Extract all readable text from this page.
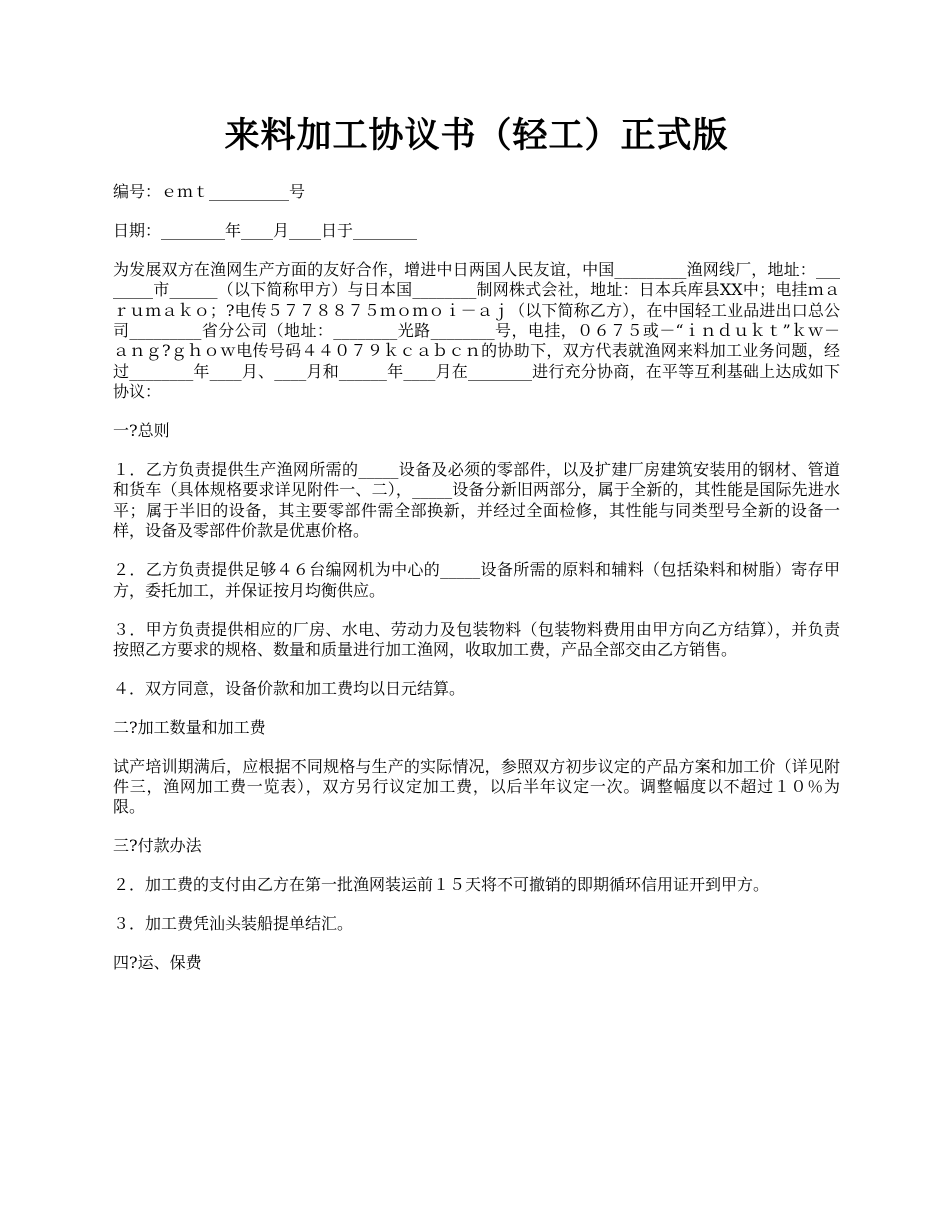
来料加工协议书（轻工）正式版

编号：ｅｍｔ__________号

日期：________年____月____日于________

为发展双方在渔网生产方面的友好合作，增进中日两国人民友谊，中国_________渔网线厂，地址：________市______（以下简称甲方）与日本国________制网株式会社，地址：日本兵库县XX中；电挂ｍａｒｕｍａｋｏ；?电传５７７８８７５ｍｏｍｏｉ－ａｊ（以下简称乙方），在中国轻工业品进出口总公司_________省分公司（地址：________光路________号，电挂，０６７５或－“ｉｎｄｕｋｔ”ｋｗ－ａｎｇ?ｇｈｏｗ电传号码４４０７９ｋｃａｂｃｎ的协助下，双方代表就渔网来料加工业务问题，经过________年____月、____月和______年____月在________进行充分协商，在平等互利基础上达成如下协议：

一?总则

１．乙方负责提供生产渔网所需的_____设备及必须的零部件，以及扩建厂房建筑安装用的钢材、管道和货车（具体规格要求详见附件一、二），_____设备分新旧两部分，属于全新的，其性能是国际先进水平；属于半旧的设备，其主要零部件需全部换新，并经过全面检修，其性能与同类型号全新的设备一样，设备及零部件价款是优惠价格。

２．乙方负责提供足够４６台编网机为中心的_____设备所需的原料和辅料（包括染料和树脂）寄存甲方，委托加工，并保证按月均衡供应。

３．甲方负责提供相应的厂房、水电、劳动力及包装物料（包装物料费用由甲方向乙方结算），并负责按照乙方要求的规格、数量和质量进行加工渔网，收取加工费，产品全部交由乙方销售。

４．双方同意，设备价款和加工费均以日元结算。

二?加工数量和加工费

试产培训期满后，应根据不同规格与生产的实际情况，参照双方初步议定的产品方案和加工价（详见附件三，渔网加工费一览表），双方另行议定加工费，以后半年议定一次。调整幅度以不超过１０％为限。

三?付款办法

２．加工费的支付由乙方在第一批渔网装运前１５天将不可撤销的即期循环信用证开到甲方。

３．加工费凭汕头装船提单结汇。

四?运、保费
